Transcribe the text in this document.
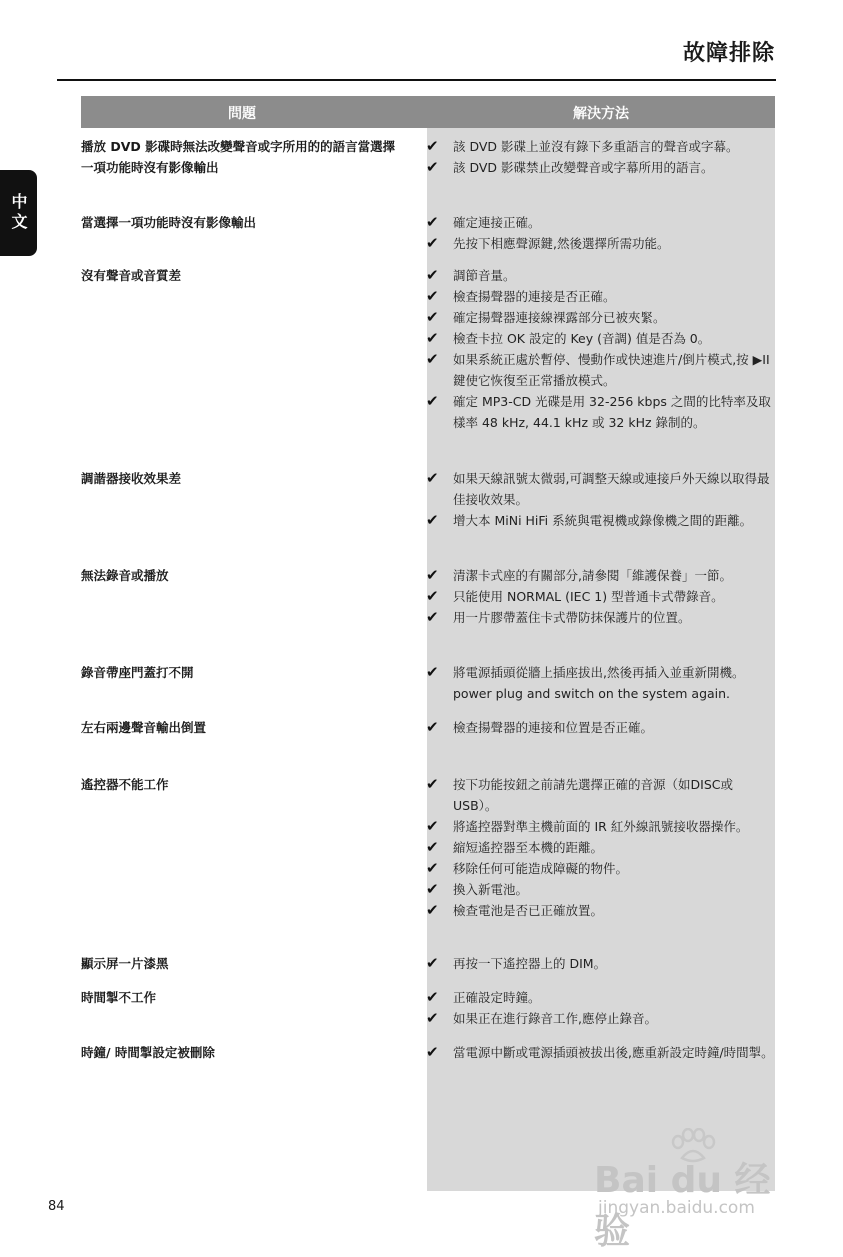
故障排除
中文
問題	解決方法
播放 DVD 影碟時無法改變聲音或字所用的的語言當選擇一項功能時沒有影像輸出
✔ 該 DVD 影碟上並沒有錄下多重語言的聲音或字幕。
✔ 該 DVD 影碟禁止改變聲音或字幕所用的語言。
當選擇一項功能時沒有影像輸出	✔ 確定連接正確。
✔ 先按下相應聲源鍵,然後選擇所需功能。
沒有聲音或音質差	✔ 調節音量。
✔ 檢查揚聲器的連接是否正確。
✔ 確定揚聲器連接線裸露部分已被夾緊。
✔ 檢查卡拉 OK 設定的 Key (音調) 值是否為 0。
✔ 如果系統正處於暫停、慢動作或快速進片/倒片模式,按 ▶II 鍵使它恢復至正常播放模式。
✔ 確定 MP3-CD 光碟是用 32-256 kbps 之間的比特率及取樣率 48 kHz, 44.1 kHz 或 32 kHz 錄制的。
調諧器接收效果差	✔ 如果天線訊號太微弱,可調整天線或連接戶外天線以取得最佳接收效果。
✔ 增大本 MiNi HiFi 系統與電視機或錄像機之間的距離。
無法錄音或播放	✔ 清潔卡式座的有關部分,請參閱「維護保養」一節。
✔ 只能使用 NORMAL (IEC 1) 型普通卡式帶錄音。
✔ 用一片膠帶蓋住卡式帶防抹保護片的位置。
錄音帶座門蓋打不開	✔ 將電源插頭從牆上插座拔出,然後再插入並重新開機。power plug and switch on the system again.
左右兩邊聲音輸出倒置	✔ 檢查揚聲器的連接和位置是否正確。
遙控器不能工作	✔ 按下功能按鈕之前請先選擇正確的音源（如DISC或USB）。
✔ 將遙控器對準主機前面的 IR 紅外線訊號接收器操作。
✔ 縮短遙控器至本機的距離。
✔ 移除任何可能造成障礙的物件。
✔ 換入新電池。
✔ 檢查電池是否已正確放置。
顯示屏一片漆黑	✔ 再按一下遙控器上的 DIM。
時間掣不工作	✔ 正確設定時鐘。
✔ 如果正在進行錄音工作,應停止錄音。
時鐘/ 時間掣設定被刪除	✔ 當電源中斷或電源插頭被拔出後,應重新設定時鐘/時間掣。
84
Bai du 经验
jingyan.baidu.com
